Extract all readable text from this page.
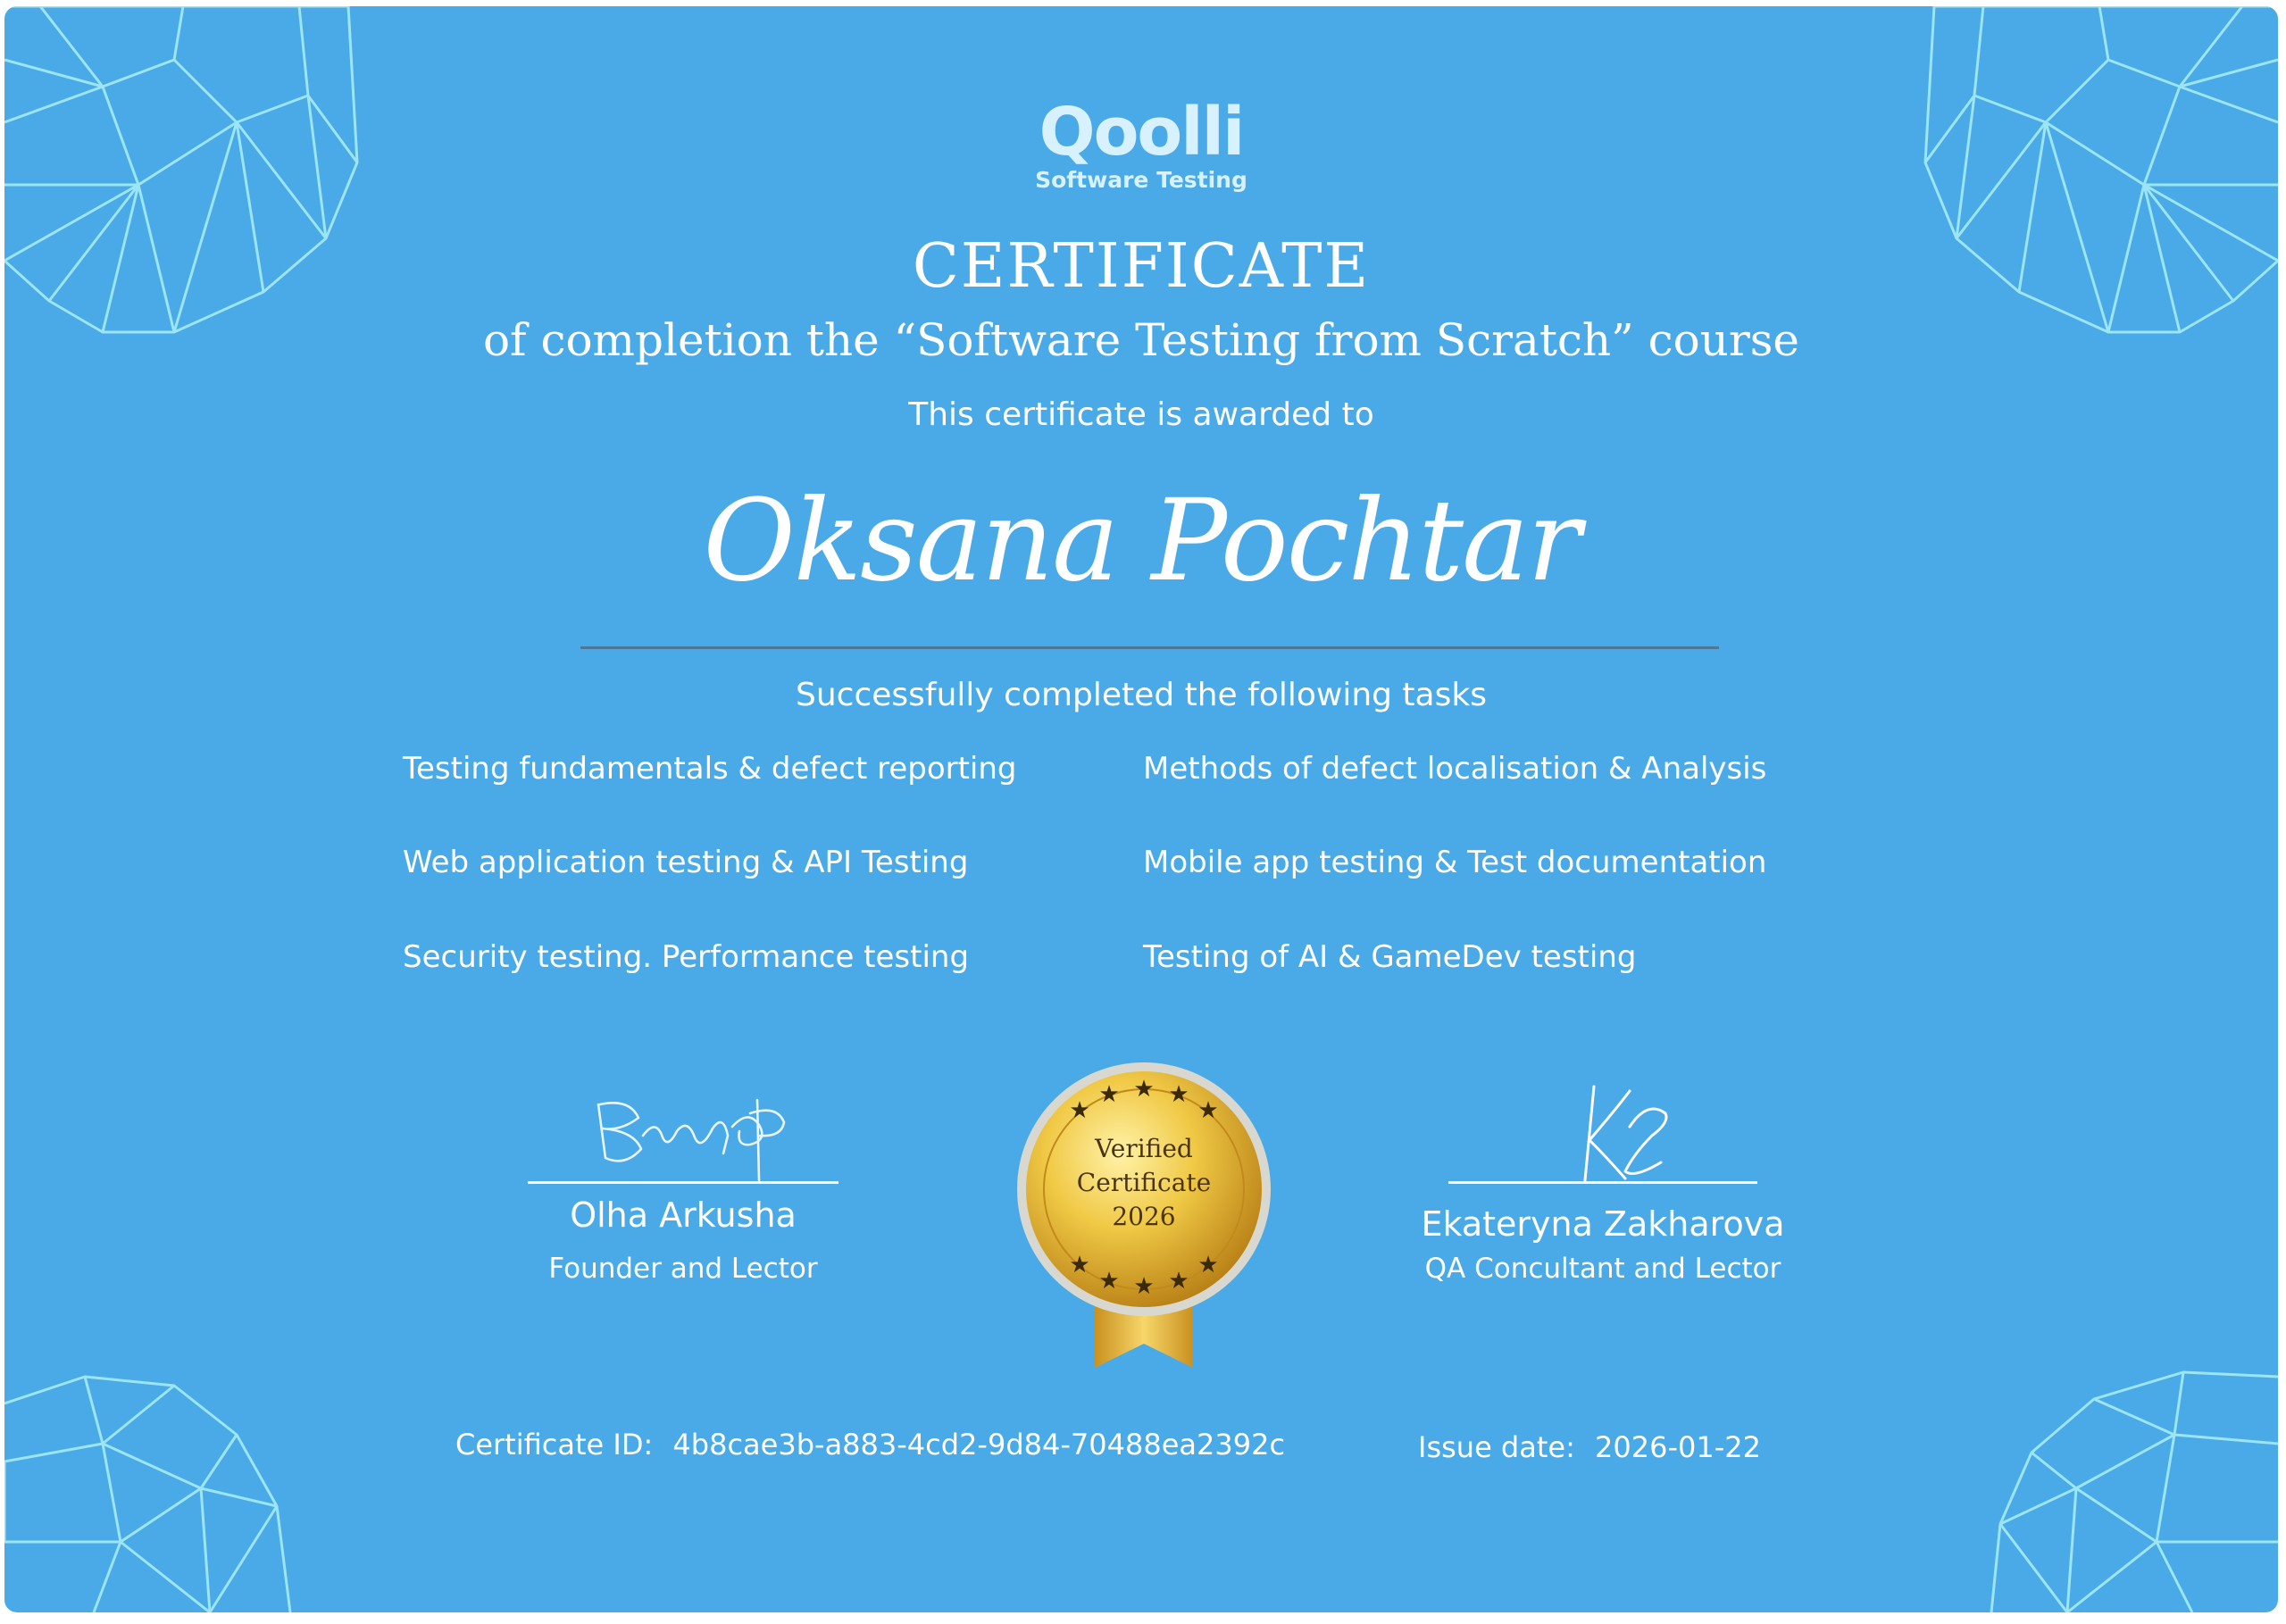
Qoolli
Software Testing
CERTIFICATE
of completion the “Software Testing from Scratch” course
This certificate is awarded to
Oksana Pochtar
Successfully completed the following tasks
Testing fundamentals & defect reporting	Methods of defect localisation & Analysis
Web application testing & API Testing	Mobile app testing & Test documentation
Security testing. Performance testing	Testing of AI & GameDev testing
Olha Arkusha
Founder and Lector
Ekateryna Zakharova
QA Concultant and Lector
★
★ ★ ★
★
★
★ ★ ★
★
Verified
Certificate
2026
Certificate ID: 4b8cae3b-a883-4cd2-9d84-70488ea2392c	Issue date: 2026-01-22
